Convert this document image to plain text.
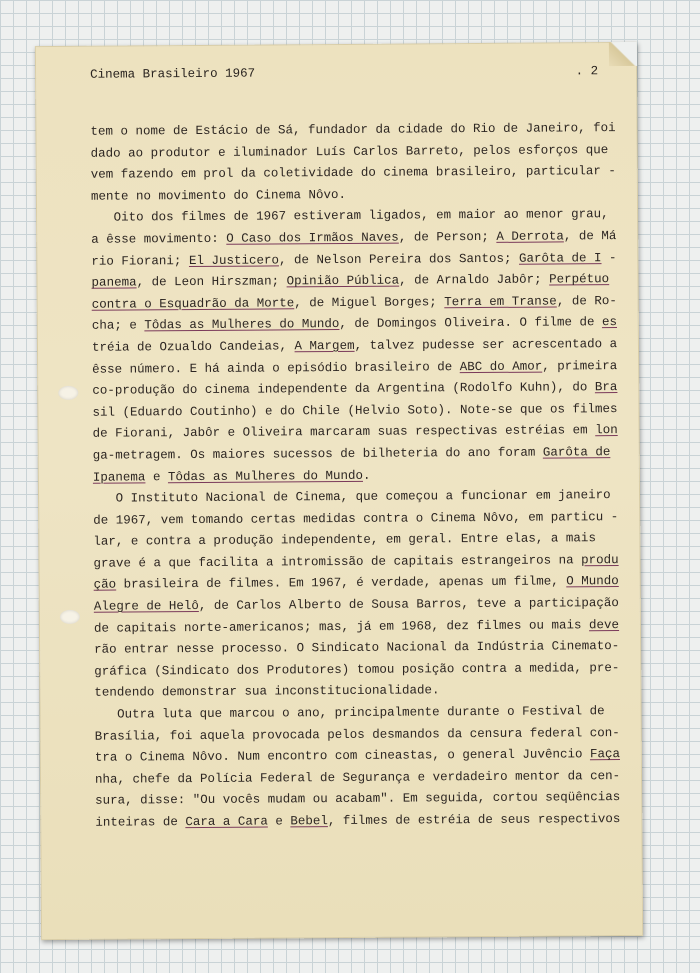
Cinema Brasileiro 1967	. 2
tem o nome de Estácio de Sá, fundador da cidade do Rio de Janeiro, foi
dado ao produtor e iluminador Luís Carlos Barreto, pelos esforços que
vem fazendo em prol da coletividade do cinema brasileiro, particular -
mente no movimento do Cinema Nôvo.
Oito dos filmes de 1967 estiveram ligados, em maior ao menor grau,
a êsse movimento: O Caso dos Irmãos Naves, de Person; A Derrota, de Má
rio Fiorani; El Justicero, de Nelson Pereira dos Santos; Garôta de I -
panema, de Leon Hirszman; Opinião Pública, de Arnaldo Jabôr; Perpétuo
contra o Esquadrão da Morte, de Miguel Borges; Terra em Transe, de Ro-
cha; e Tôdas as Mulheres do Mundo, de Domingos Oliveira. O filme de es
tréia de Ozualdo Candeias, A Margem, talvez pudesse ser acrescentado a
êsse número. E há ainda o episódio brasileiro de ABC do Amor, primeira
co-produção do cinema independente da Argentina (Rodolfo Kuhn), do Bra
sil (Eduardo Coutinho) e do Chile (Helvio Soto). Note-se que os filmes
de Fiorani, Jabôr e Oliveira marcaram suas respectivas estréias em lon
ga-metragem. Os maiores sucessos de bilheteria do ano foram Garôta de
Ipanema e Tôdas as Mulheres do Mundo.
O Instituto Nacional de Cinema, que começou a funcionar em janeiro
de 1967, vem tomando certas medidas contra o Cinema Nôvo, em particu -
lar, e contra a produção independente, em geral. Entre elas, a mais
grave é a que facilita a intromissão de capitais estrangeiros na produ
ção brasileira de filmes. Em 1967, é verdade, apenas um filme, O Mundo
Alegre de Helô, de Carlos Alberto de Sousa Barros, teve a participação
de capitais norte-americanos; mas, já em 1968, dez filmes ou mais deve
rão entrar nesse processo. O Sindicato Nacional da Indústria Cinemato-
gráfica (Sindicato dos Produtores) tomou posição contra a medida, pre-
tendendo demonstrar sua inconstitucionalidade.
Outra luta que marcou o ano, principalmente durante o Festival de
Brasília, foi aquela provocada pelos desmandos da censura federal con-
tra o Cinema Nôvo. Num encontro com cineastas, o general Juvêncio Faça
nha, chefe da Polícia Federal de Segurança e verdadeiro mentor da cen-
sura, disse: "Ou vocês mudam ou acabam". Em seguida, cortou seqüências
inteiras de Cara a Cara e Bebel, filmes de estréia de seus respectivos
